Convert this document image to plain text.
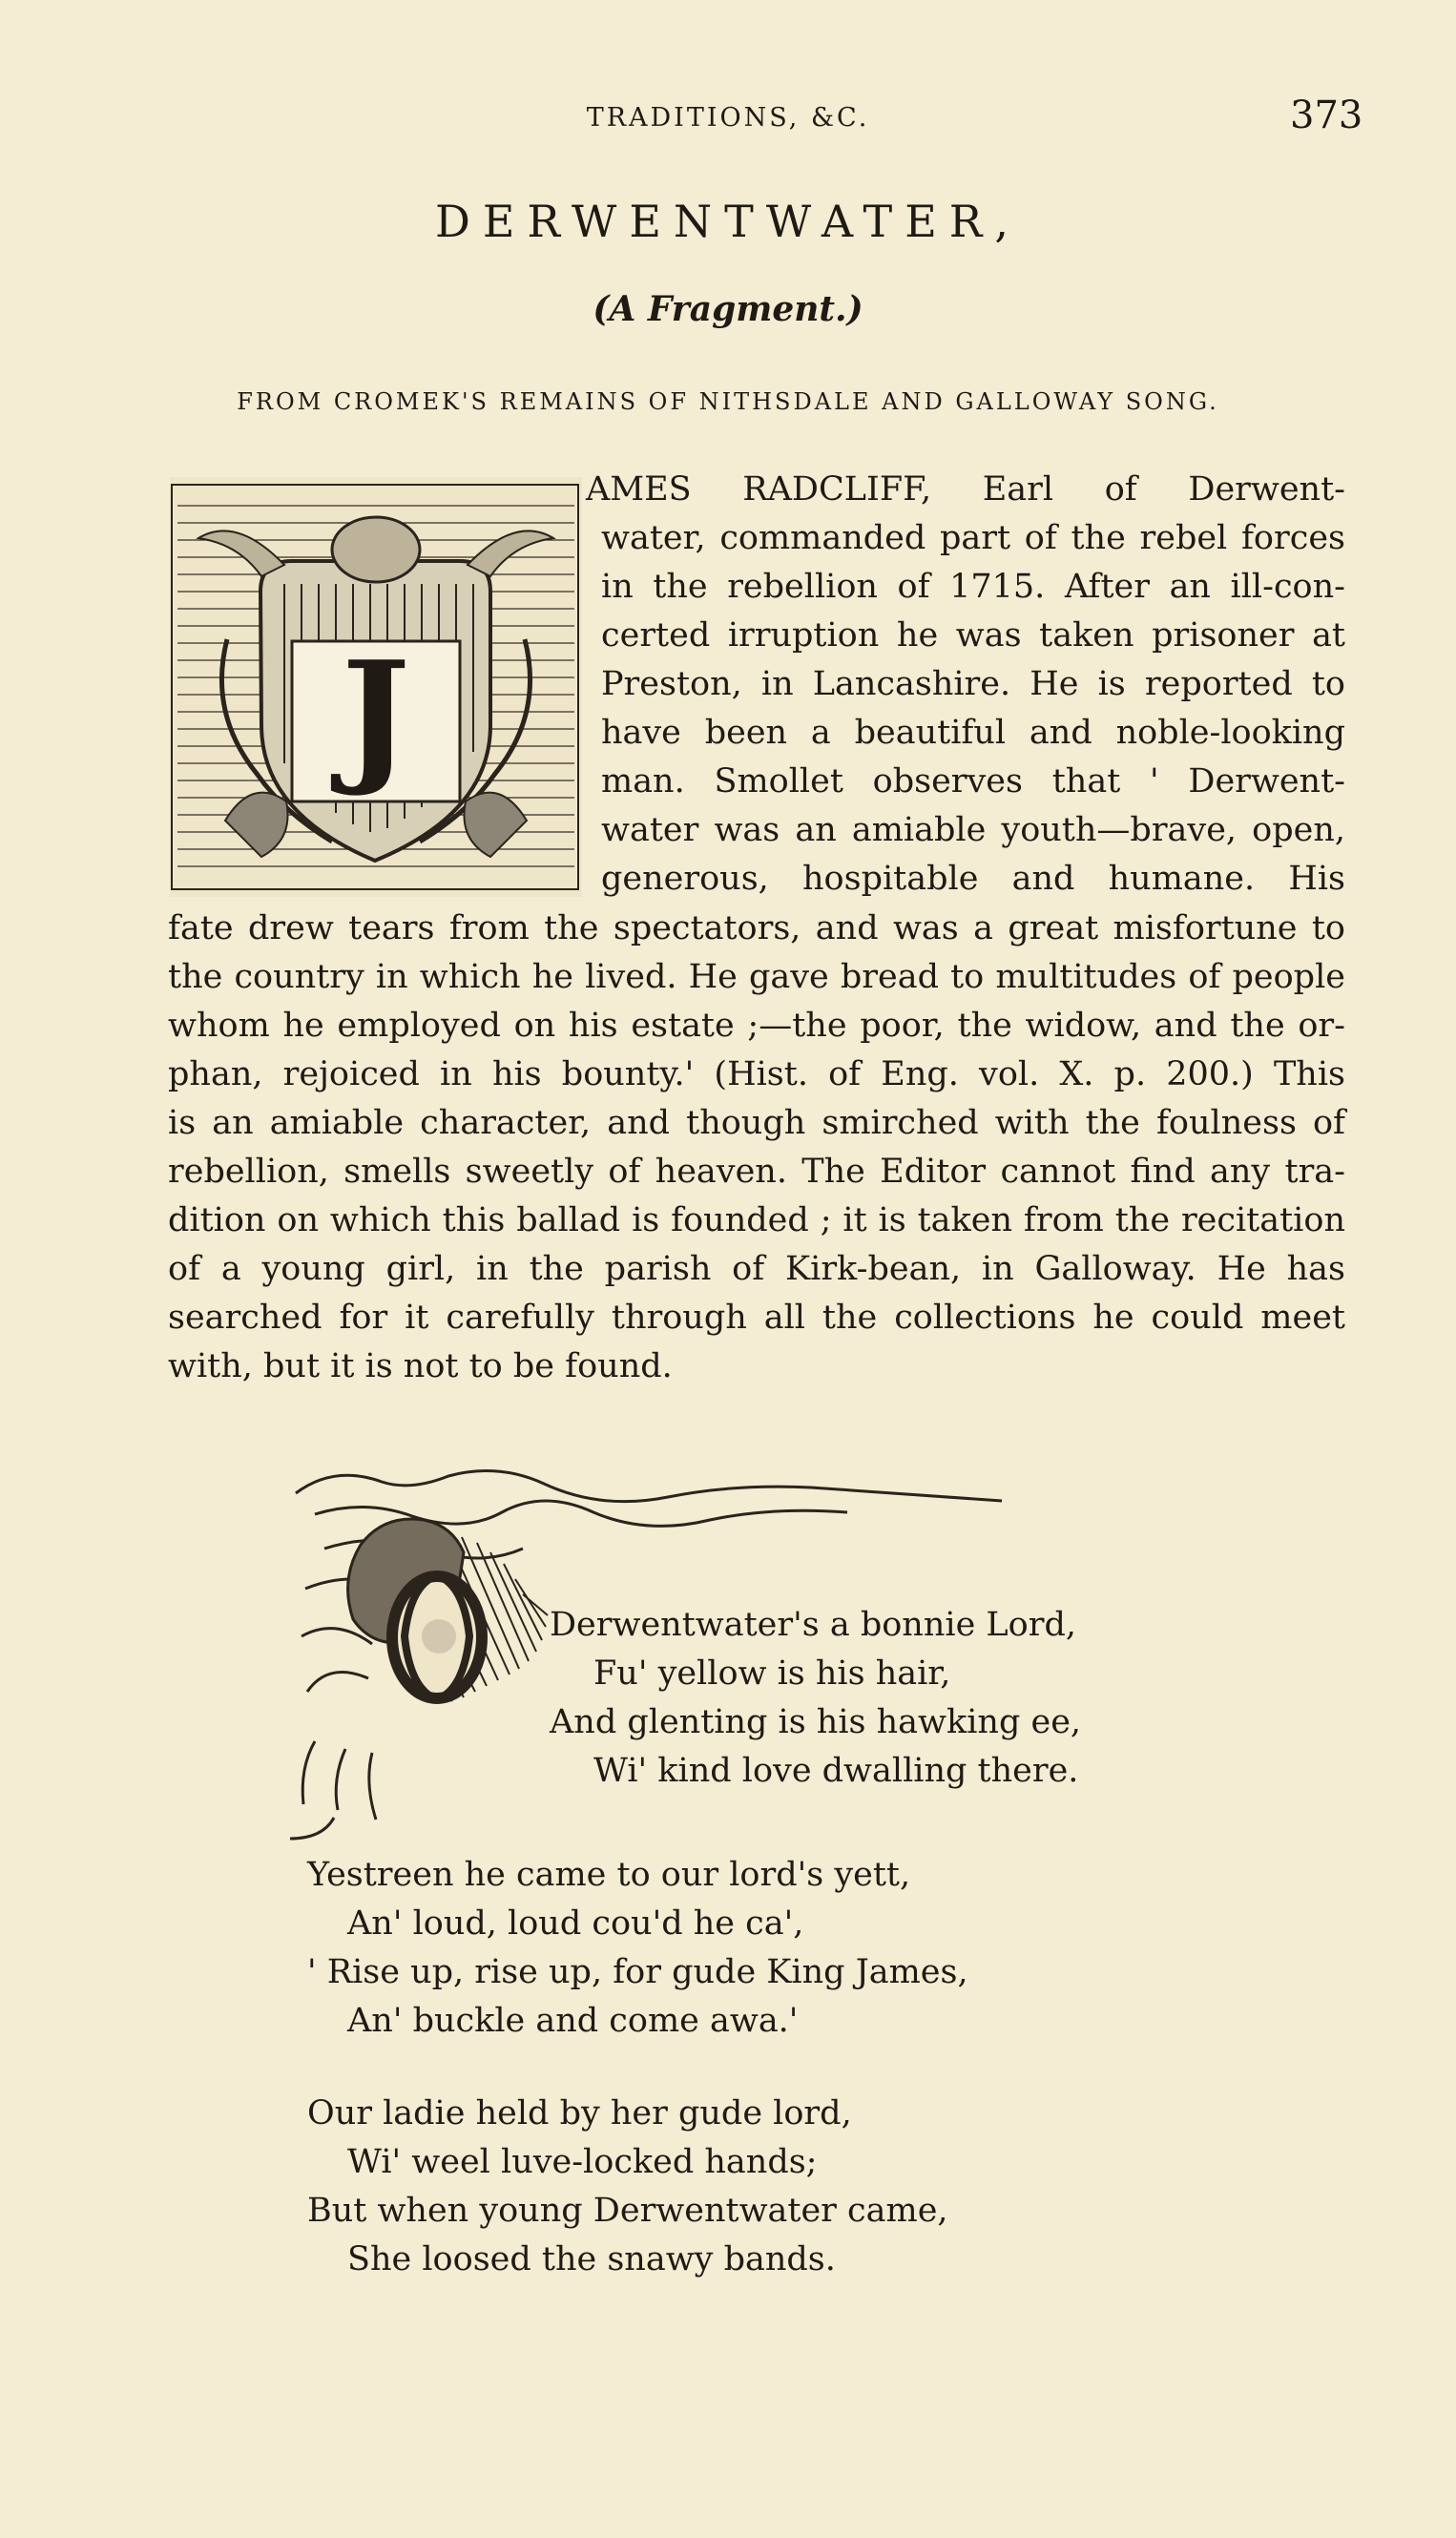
TRADITIONS, &C.	373
DERWENTWATER,
(A Fragment.)
FROM CROMEK'S REMAINS OF NITHSDALE AND GALLOWAY SONG.
J
AMES RADCLIFF, Earl of Derwent-
water, commanded part of the rebel forces
in the rebellion of 1715. After an ill-con-
certed irruption he was taken prisoner at
Preston, in Lancashire. He is reported to
have been a beautiful and noble-looking
man. Smollet observes that ' Derwent-
water was an amiable youth—brave, open,
generous, hospitable and humane. His
fate drew tears from the spectators, and was a great misfortune to
the country in which he lived. He gave bread to multitudes of people
whom he employed on his estate ;—the poor, the widow, and the or-
phan, rejoiced in his bounty.' (Hist. of Eng. vol. X. p. 200.) This
is an amiable character, and though smirched with the foulness of
rebellion, smells sweetly of heaven. The Editor cannot find any tra-
dition on which this ballad is founded ; it is taken from the recitation
of a young girl, in the parish of Kirk-bean, in Galloway. He has
searched for it carefully through all the collections he could meet
with, but it is not to be found.
Derwentwater's a bonnie Lord,
Fu' yellow is his hair,
And glenting is his hawking ee,
Wi' kind love dwalling there.
Yestreen he came to our lord's yett,
An' loud, loud cou'd he ca',
' Rise up, rise up, for gude King James,
An' buckle and come awa.'
Our ladie held by her gude lord,
Wi' weel luve-locked hands;
But when young Derwentwater came,
She loosed the snawy bands.
